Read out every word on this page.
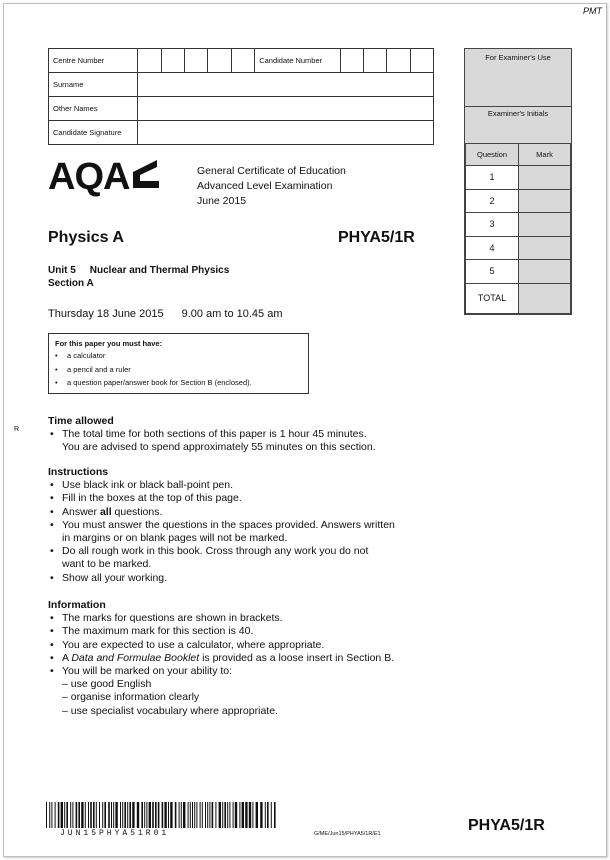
PMT
R
Centre Number						Candidate Number				
Surname										
Other Names										
Candidate Signature										
For Examiner's Use
Examiner's Initials
Question	Mark
1	
2	
3	
4	
5	
TOTAL	
AQA	General Certificate of Education
Advanced Level Examination
June 2015
Physics A	PHYA5/1R
Unit 5 Nuclear and Thermal Physics
Section A
Thursday 18 June 2015 9.00 am to 10.45 am
For this paper you must have:
• a calculator
• a pencil and a ruler
• a question paper/answer book for Section B (enclosed).
Time allowed
• The total time for both sections of this paper is 1 hour 45 minutes.
You are advised to spend approximately 55 minutes on this section.
Instructions
• Use black ink or black ball-point pen.
• Fill in the boxes at the top of this page.
• Answer all questions.
• You must answer the questions in the spaces provided. Answers written
in margins or on blank pages will not be marked.
• Do all rough work in this book. Cross through any work you do not
want to be marked.
• Show all your working.
Information
• The marks for questions are shown in brackets.
• The maximum mark for this section is 40.
• You are expected to use a calculator, where appropriate.
• A Data and Formulae Booklet is provided as a loose insert in Section B.
• You will be marked on your ability to:
– use good English
– organise information clearly
– use specialist vocabulary where appropriate.
JUN15PHYA51R01	G/ME/Jun15/PHYA5/1R/E1	PHYA5/1R
